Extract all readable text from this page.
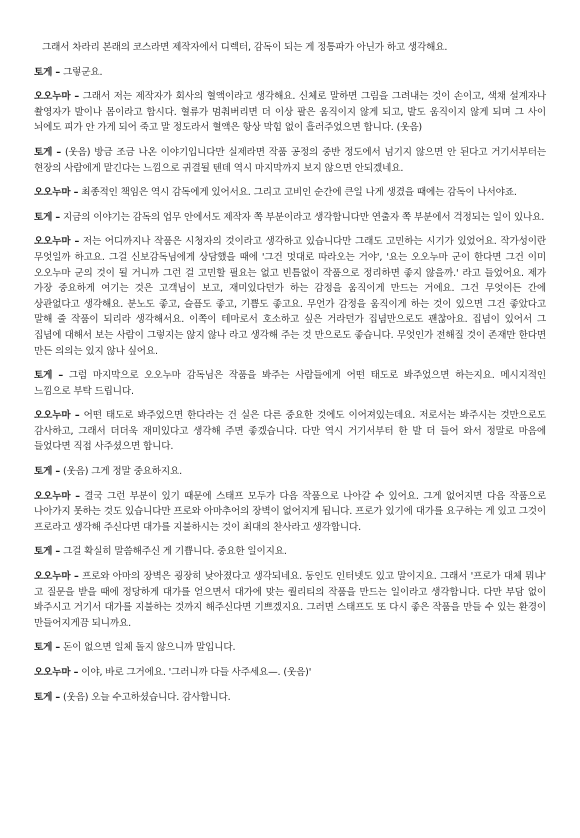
그래서 차라리 본래의 코스라면 제작자에서 디렉터, 감독이 되는 게 정통파가 아닌가 하고 생각해요.

토게 – 그렇군요.

오오누마 – 그래서 저는 제작자가 회사의 혈액이라고 생각해요. 신체로 말하면 그림을 그려내는 것이 손이고, 색채 설계자나 촬영자가 발이나 몸이라고 합시다. 혈류가 멈춰버리면 더 이상 팔은 움직이지 않게 되고, 발도 움직이지 않게 되며 그 사이 뇌에도 피가 안 가게 되어 죽고 말 정도라서 혈액은 항상 막힘 없이 흘러주었으면 합니다. (웃음)

토게 – (웃음) 방금 조금 나온 이야기입니다만 실제라면 작품 공정의 중반 정도에서 넘기지 않으면 안 된다고 거기서부터는 현장의 사람에게 맡긴다는 느낌으로 귀결될 텐데 역시 마지막까지 보지 않으면 안되겠네요.

오오누마 – 최종적인 책임은 역시 감독에게 있어서요. 그리고 고비인 순간에 큰일 나게 생겼을 때에는 감독이 나서야죠.

토게 – 지금의 이야기는 감독의 업무 안에서도 제작자 쪽 부분이라고 생각합니다만 연출자 쪽 부분에서 걱정되는 일이 있나요.

오오누마 – 저는 어디까지나 작품은 시청자의 것이라고 생각하고 있습니다만 그래도 고민하는 시기가 있었어요. 작가성이란 무엇일까 하고요. 그걸 신보감독님에게 상담했을 때에 '그건 멋대로 따라오는 거야', '요는 오오누마 군이 한다면 그건 이미 오오누마 군의 것이 될 거니까 그런 걸 고민할 필요는 없고 빈틈없이 작품으로 정리하면 좋지 않을까.' 라고 들었어요. 제가 가장 중요하게 여기는 것은 고객님이 보고, 재미있다던가 하는 감정을 움직이게 만드는 거에요. 그건 무엇이든 간에 상관없다고 생각해요. 분노도 좋고, 슬픔도 좋고, 기쁨도 좋고요. 무언가 감정을 움직이게 하는 것이 있으면 그건 좋았다고 말해 줄 작품이 되리라 생각해서요. 이쪽이 테마로서 호소하고 싶은 거라던가 집념만으로도 괜찮아요. 집념이 있어서 그 집념에 대해서 보는 사람이 그렇지는 않지 않나 라고 생각해 주는 것 만으로도 좋습니다. 무엇인가 전해질 것이 존재만 한다면 만든 의의는 있지 않나 싶어요.

토게 – 그럼 마지막으로 오오누마 감독님은 작품을 봐주는 사람들에게 어떤 태도로 봐주었으면 하는지요. 메시지적인 느낌으로 부탁 드립니다.

오오누마 – 어떤 태도로 봐주었으면 한다라는 건 실은 다른 중요한 것에도 이어져있는데요. 저로서는 봐주시는 것만으로도 감사하고, 그래서 더더욱 재미있다고 생각해 주면 좋겠습니다. 다만 역시 거기서부터 한 발 더 들어 와서 정말로 마음에 들었다면 직접 사주셨으면 합니다.

토게 – (웃음) 그게 정말 중요하지요.

오오누마 – 결국 그런 부분이 있기 때문에 스태프 모두가 다음 작품으로 나아갈 수 있어요. 그게 없어지면 다음 작품으로 나아가지 못하는 것도 있습니다만 프로와 아마추어의 장벽이 없어지게 됩니다. 프로가 있기에 대가를 요구하는 게 있고 그것이 프로라고 생각해 주신다면 대가를 지불하시는 것이 최대의 찬사라고 생각합니다.

토게 – 그걸 확실히 말씀해주신 게 기쁩니다. 중요한 일이지요.

오오누마 – 프로와 아마의 장벽은 굉장히 낮아졌다고 생각되네요. 동인도 인터넷도 있고 말이지요. 그래서 '프로가 대체 뭐냐' 고 질문을 받을 때에 정당하게 대가를 얻으면서 대가에 맞는 퀄리티의 작품을 만드는 일이라고 생각합니다. 다만 부담 없이 봐주시고 거기서 대가를 지불하는 것까지 해주신다면 기쁘겠지요. 그러면 스태프도 또 다시 좋은 작품을 만들 수 있는 환경이 만들어지게끔 되니까요.

토게 – 돈이 없으면 일체 돌지 않으니까 말입니다.

오오누마 – 이야, 바로 그거에요. '그러니까 다들 사주세요—. (웃음)'

토게 – (웃음) 오늘 수고하셨습니다. 감사합니다.
